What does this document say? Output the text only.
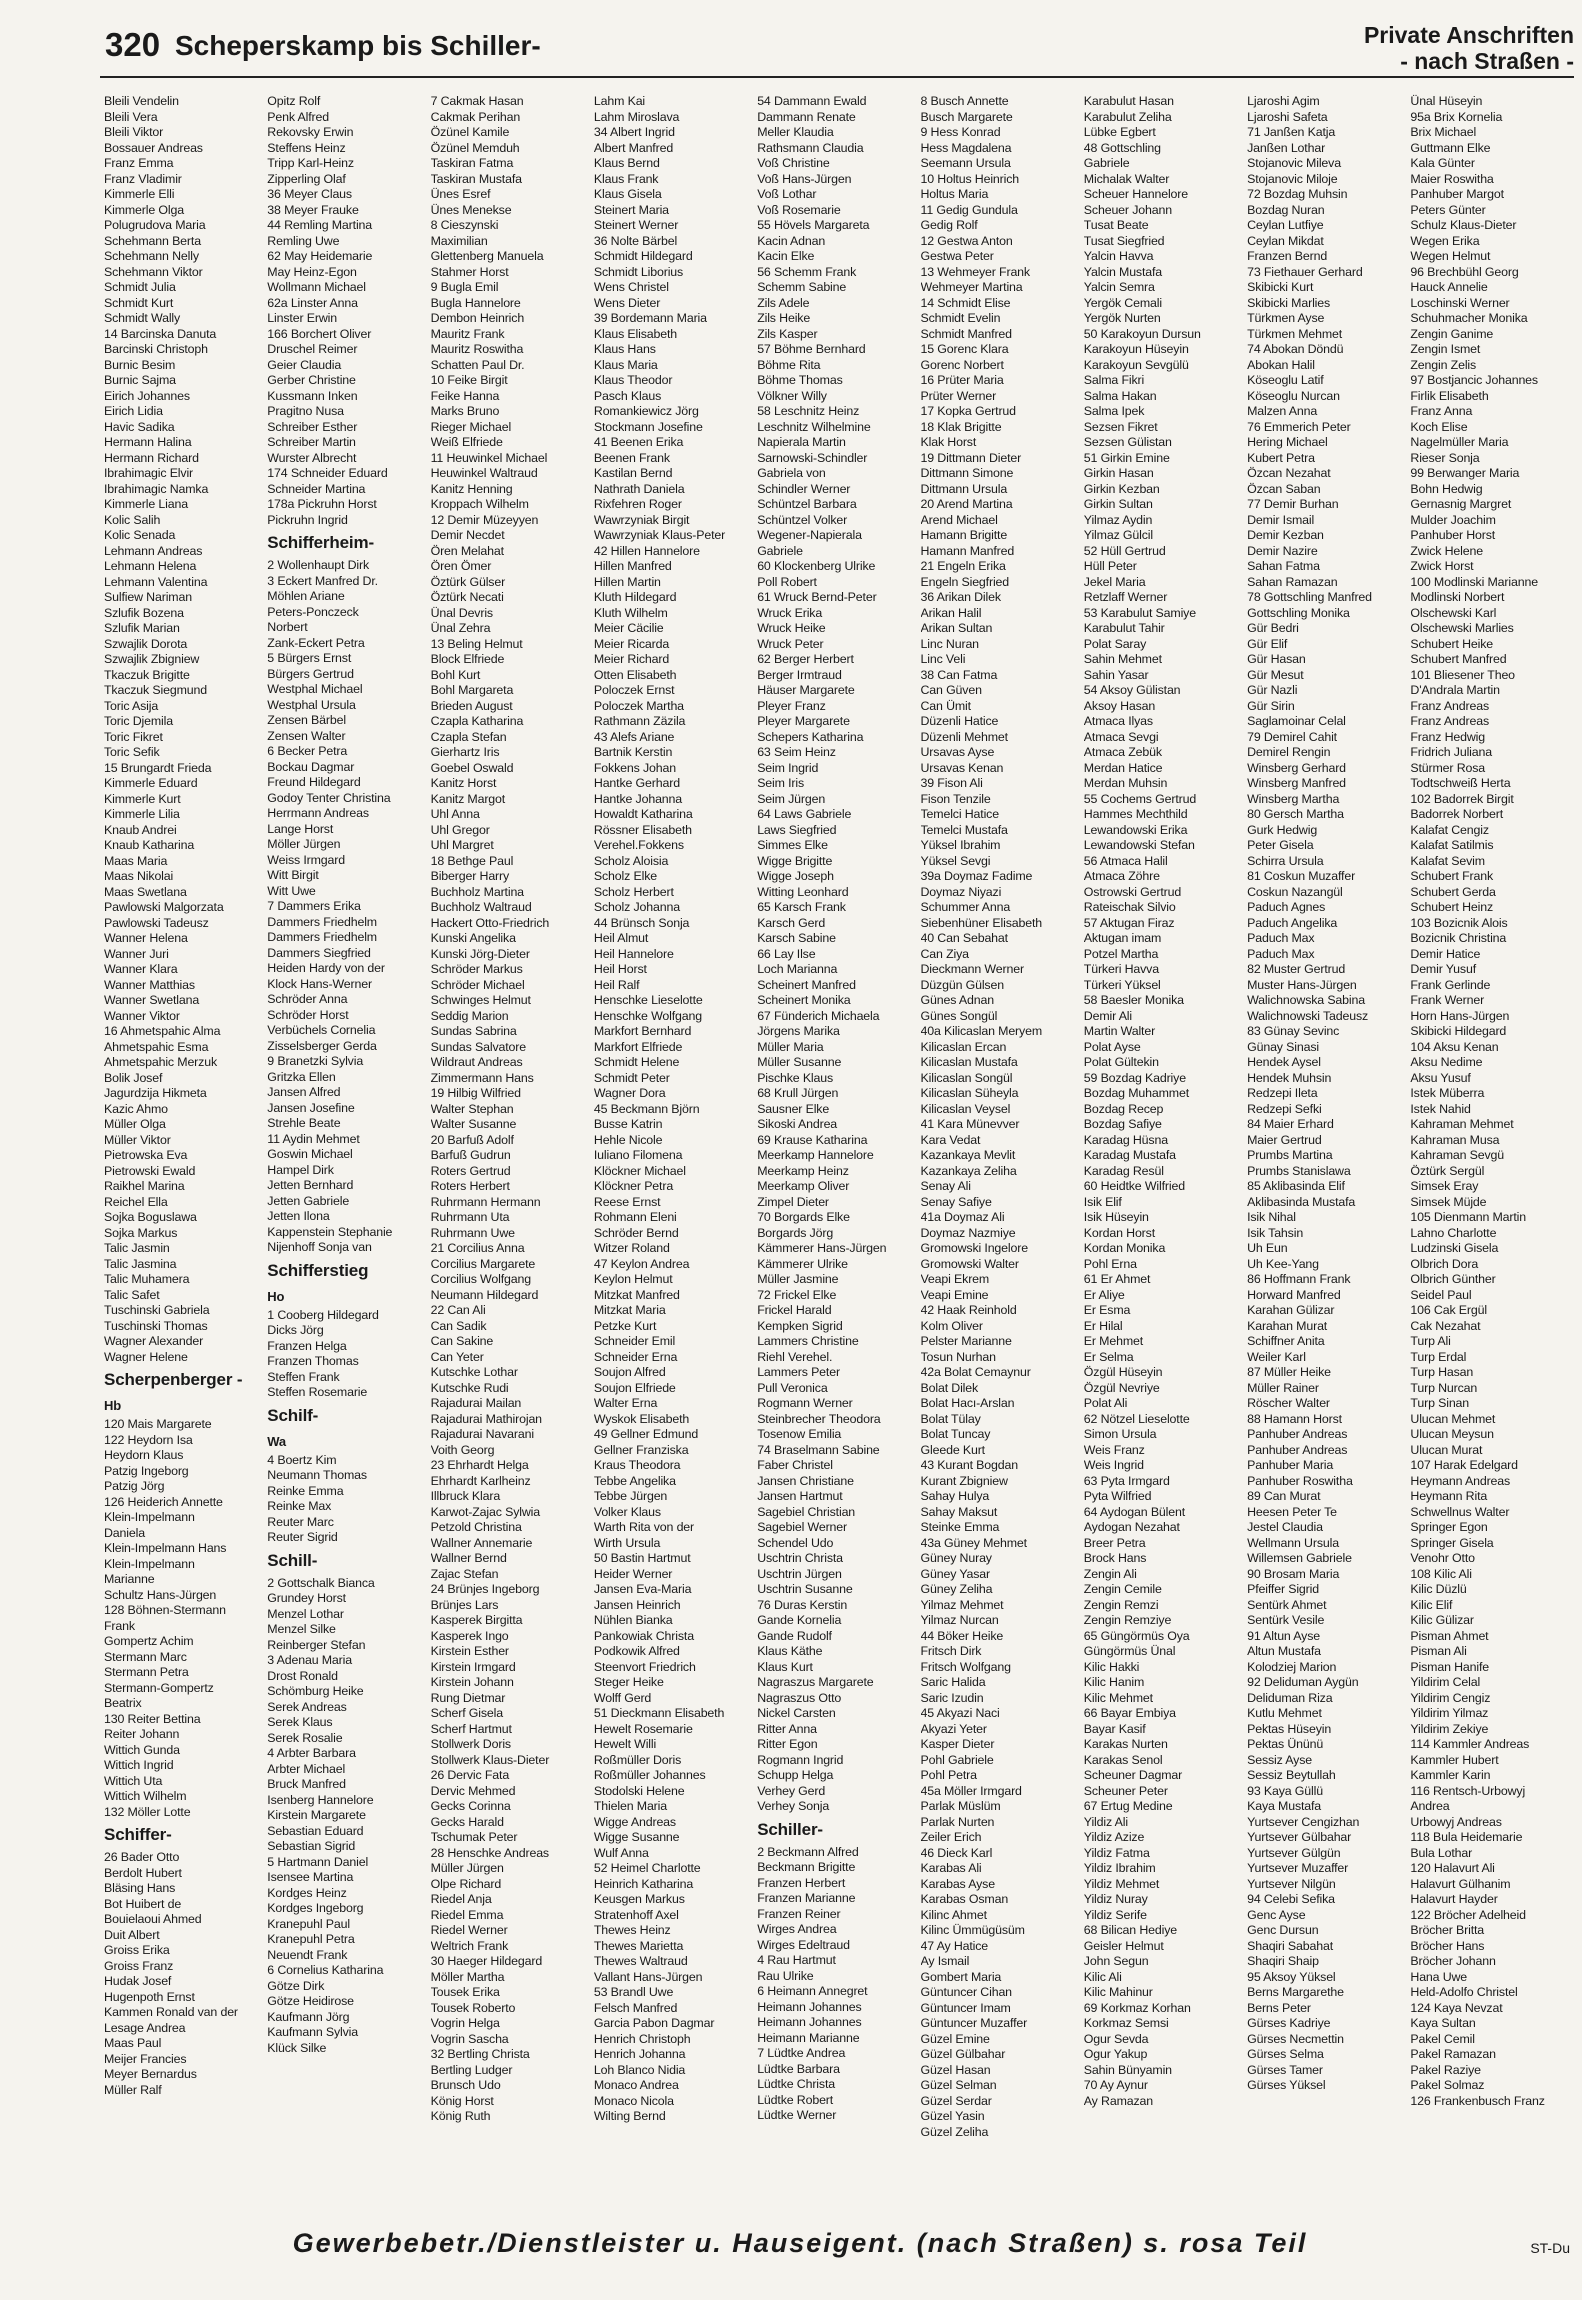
320 Scheperskamp bis Schiller-	Private Anschriften
- nach Straßen -
Bleili Vendelin
Bleili Vera
Bleili Viktor
Bossauer Andreas
Franz Emma
Franz Vladimir
Kimmerle Elli
Kimmerle Olga
Polugrudova Maria
Schehmann Berta
Schehmann Nelly
Schehmann Viktor
Schmidt Julia
Schmidt Kurt
Schmidt Wally
14 Barcinska Danuta
Barcinski Christoph
Burnic Besim
Burnic Sajma
Eirich Johannes
Eirich Lidia
Havic Sadika
Hermann Halina
Hermann Richard
Ibrahimagic Elvir
Ibrahimagic Namka
Kimmerle Liana
Kolic Salih
Kolic Senada
Lehmann Andreas
Lehmann Helena
Lehmann Valentina
Sulfiew Nariman
Szlufik Bozena
Szlufik Marian
Szwajlik Dorota
Szwajlik Zbigniew
Tkaczuk Brigitte
Tkaczuk Siegmund
Toric Asija
Toric Djemila
Toric Fikret
Toric Sefik
15 Brungardt Frieda
Kimmerle Eduard
Kimmerle Kurt
Kimmerle Lilia
Knaub Andrei
Knaub Katharina
Maas Maria
Maas Nikolai
Maas Swetlana
Pawlowski Malgorzata
Pawlowski Tadeusz
Wanner Helena
Wanner Juri
Wanner Klara
Wanner Matthias
Wanner Swetlana
Wanner Viktor
16 Ahmetspahic Alma
Ahmetspahic Esma
Ahmetspahic Merzuk
Bolik Josef
Jagurdzija Hikmeta
Kazic Ahmo
Müller Olga
Müller Viktor
Pietrowska Eva
Pietrowski Ewald
Raikhel Marina
Reichel Ella
Sojka Boguslawa
Sojka Markus
Talic Jasmin
Talic Jasmina
Talic Muhamera
Talic Safet
Tuschinski Gabriela
Tuschinski Thomas
Wagner Alexander
Wagner Helene
Scherpenberger -
Hb
120 Mais Margarete
122 Heydorn Isa
Heydorn Klaus
Patzig Ingeborg
Patzig Jörg
126 Heiderich Annette
Klein-Impelmann
Daniela
Klein-Impelmann Hans
Klein-Impelmann
Marianne
Schultz Hans-Jürgen
128 Böhnen-Stermann
Frank
Gompertz Achim
Stermann Marc
Stermann Petra
Stermann-Gompertz
Beatrix
130 Reiter Bettina
Reiter Johann
Wittich Gunda
Wittich Ingrid
Wittich Uta
Wittich Wilhelm
132 Möller Lotte
Schiffer-
26 Bader Otto
Berdolt Hubert
Bläsing Hans
Bot Huibert de
Bouielaoui Ahmed
Duit Albert
Groiss Erika
Groiss Franz
Hudak Josef
Hugenpoth Ernst
Kammen Ronald van der
Lesage Andrea
Maas Paul
Meijer Francies
Meyer Bernardus
Müller Ralf
Opitz Rolf
Penk Alfred
Rekovsky Erwin
Steffens Heinz
Tripp Karl-Heinz
Zipperling Olaf
36 Meyer Claus
38 Meyer Frauke
44 Remling Martina
Remling Uwe
62 May Heidemarie
May Heinz-Egon
Wollmann Michael
62a Linster Anna
Linster Erwin
166 Borchert Oliver
Druschel Reimer
Geier Claudia
Gerber Christine
Kussmann Inken
Pragitno Nusa
Schreiber Esther
Schreiber Martin
Wurster Albrecht
174 Schneider Eduard
Schneider Martina
178a Pickruhn Horst
Pickruhn Ingrid
Schifferheim-
2 Wollenhaupt Dirk
3 Eckert Manfred Dr.
Möhlen Ariane
Peters-Ponczeck
Norbert
Zank-Eckert Petra
5 Bürgers Ernst
Bürgers Gertrud
Westphal Michael
Westphal Ursula
Zensen Bärbel
Zensen Walter
6 Becker Petra
Bockau Dagmar
Freund Hildegard
Godoy Tenter Christina
Herrmann Andreas
Lange Horst
Möller Jürgen
Weiss Irmgard
Witt Birgit
Witt Uwe
7 Dammers Erika
Dammers Friedhelm
Dammers Friedhelm
Dammers Siegfried
Heiden Hardy von der
Klock Hans-Werner
Schröder Anna
Schröder Horst
Verbüchels Cornelia
Zisselsberger Gerda
9 Branetzki Sylvia
Gritzka Ellen
Jansen Alfred
Jansen Josefine
Strehle Beate
11 Aydin Mehmet
Goswin Michael
Hampel Dirk
Jetten Bernhard
Jetten Gabriele
Jetten Ilona
Kappenstein Stephanie
Nijenhoff Sonja van
Schifferstieg
Ho
1 Cooberg Hildegard
Dicks Jörg
Franzen Helga
Franzen Thomas
Steffen Frank
Steffen Rosemarie
Schilf-
Wa
4 Boertz Kim
Neumann Thomas
Reinke Emma
Reinke Max
Reuter Marc
Reuter Sigrid
Schill-
2 Gottschalk Bianca
Grundey Horst
Menzel Lothar
Menzel Silke
Reinberger Stefan
3 Adenau Maria
Drost Ronald
Schömburg Heike
Serek Andreas
Serek Klaus
Serek Rosalie
4 Arbter Barbara
Arbter Michael
Bruck Manfred
Isenberg Hannelore
Kirstein Margarete
Sebastian Eduard
Sebastian Sigrid
5 Hartmann Daniel
Isensee Martina
Kordges Heinz
Kordges Ingeborg
Kranepuhl Paul
Kranepuhl Petra
Neuendt Frank
6 Cornelius Katharina
Götze Dirk
Götze Heidirose
Kaufmann Jörg
Kaufmann Sylvia
Klück Silke
7 Cakmak Hasan
Cakmak Perihan
Özünel Kamile
Özünel Memduh
Taskiran Fatma
Taskiran Mustafa
Ünes Esref
Ünes Menekse
8 Cieszynski
Maximilian
Glettenberg Manuela
Stahmer Horst
9 Bugla Emil
Bugla Hannelore
Dembon Heinrich
Mauritz Frank
Mauritz Roswitha
Schatten Paul Dr.
10 Feike Birgit
Feike Hanna
Marks Bruno
Rieger Michael
Weiß Elfriede
11 Heuwinkel Michael
Heuwinkel Waltraud
Kanitz Henning
Kroppach Wilhelm
12 Demir Müzeyyen
Demir Necdet
Ören Melahat
Ören Ömer
Öztürk Gülser
Öztürk Necati
Ünal Devris
Ünal Zehra
13 Beling Helmut
Block Elfriede
Bohl Kurt
Bohl Margareta
Brieden August
Czapla Katharina
Czapla Stefan
Gierhartz Iris
Goebel Oswald
Kanitz Horst
Kanitz Margot
Uhl Anna
Uhl Gregor
Uhl Margret
18 Bethge Paul
Biberger Harry
Buchholz Martina
Buchholz Waltraud
Hackert Otto-Friedrich
Kunski Angelika
Kunski Jörg-Dieter
Schröder Markus
Schröder Michael
Schwinges Helmut
Seddig Marion
Sundas Sabrina
Sundas Salvatore
Wildraut Andreas
Zimmermann Hans
19 Hilbig Wilfried
Walter Stephan
Walter Susanne
20 Barfuß Adolf
Barfuß Gudrun
Roters Gertrud
Roters Herbert
Ruhrmann Hermann
Ruhrmann Uta
Ruhrmann Uwe
21 Corcilius Anna
Corcilius Margarete
Corcilius Wolfgang
Neumann Hildegard
22 Can Ali
Can Sadik
Can Sakine
Can Yeter
Kutschke Lothar
Kutschke Rudi
Rajadurai Mailan
Rajadurai Mathirojan
Rajadurai Navarani
Voith Georg
23 Ehrhardt Helga
Ehrhardt Karlheinz
Illbruck Klara
Karwot-Zajac Sylwia
Petzold Christina
Wallner Annemarie
Wallner Bernd
Zajac Stefan
24 Brünjes Ingeborg
Brünjes Lars
Kasperek Birgitta
Kasperek Ingo
Kirstein Esther
Kirstein Irmgard
Kirstein Johann
Rung Dietmar
Scherf Gisela
Scherf Hartmut
Stollwerk Doris
Stollwerk Klaus-Dieter
26 Dervic Fata
Dervic Mehmed
Gecks Corinna
Gecks Harald
Tschumak Peter
28 Henschke Andreas
Müller Jürgen
Olpe Richard
Riedel Anja
Riedel Emma
Riedel Werner
Weltrich Frank
30 Haeger Hildegard
Möller Martha
Tousek Erika
Tousek Roberto
Vogrin Helga
Vogrin Sascha
32 Bertling Christa
Bertling Ludger
Brunsch Udo
König Horst
König Ruth
Lahm Kai
Lahm Miroslava
34 Albert Ingrid
Albert Manfred
Klaus Bernd
Klaus Frank
Klaus Gisela
Steinert Maria
Steinert Werner
36 Nolte Bärbel
Schmidt Hildegard
Schmidt Liborius
Wens Christel
Wens Dieter
39 Bordemann Maria
Klaus Elisabeth
Klaus Hans
Klaus Maria
Klaus Theodor
Pasch Klaus
Romankiewicz Jörg
Stockmann Josefine
41 Beenen Erika
Beenen Frank
Kastilan Bernd
Nathrath Daniela
Rixfehren Roger
Wawrzyniak Birgit
Wawrzyniak Klaus-Peter
42 Hillen Hannelore
Hillen Manfred
Hillen Martin
Kluth Hildegard
Kluth Wilhelm
Meier Cäcilie
Meier Ricarda
Meier Richard
Otten Elisabeth
Poloczek Ernst
Poloczek Martha
Rathmann Zäzila
43 Alefs Ariane
Bartnik Kerstin
Fokkens Johan
Hantke Gerhard
Hantke Johanna
Howaldt Katharina
Rössner Elisabeth
Verehel.Fokkens
Scholz Aloisia
Scholz Elke
Scholz Herbert
Scholz Johanna
44 Brünsch Sonja
Heil Almut
Heil Hannelore
Heil Horst
Heil Ralf
Henschke Lieselotte
Henschke Wolfgang
Markfort Bernhard
Markfort Elfriede
Schmidt Helene
Schmidt Peter
Wagner Dora
45 Beckmann Björn
Busse Katrin
Hehle Nicole
Iuliano Filomena
Klöckner Michael
Klöckner Petra
Reese Ernst
Rohmann Eleni
Schröder Bernd
Witzer Roland
47 Keylon Andrea
Keylon Helmut
Mitzkat Manfred
Mitzkat Maria
Petzke Kurt
Schneider Emil
Schneider Erna
Soujon Alfred
Soujon Elfriede
Walter Erna
Wyskok Elisabeth
49 Gellner Edmund
Gellner Franziska
Kraus Theodora
Tebbe Angelika
Tebbe Jürgen
Volker Klaus
Warth Rita von der
Wirth Ursula
50 Bastin Hartmut
Heider Werner
Jansen Eva-Maria
Jansen Heinrich
Nühlen Bianka
Pankowiak Christa
Podkowik Alfred
Steenvort Friedrich
Steger Heike
Wolff Gerd
51 Dieckmann Elisabeth
Hewelt Rosemarie
Hewelt Willi
Roßmüller Doris
Roßmüller Johannes
Stodolski Helene
Thielen Maria
Wigge Andreas
Wigge Susanne
Wulf Anna
52 Heimel Charlotte
Heinrich Katharina
Keusgen Markus
Stratenhoff Axel
Thewes Heinz
Thewes Marietta
Thewes Waltraud
Vallant Hans-Jürgen
53 Brandl Uwe
Felsch Manfred
Garcia Pabon Dagmar
Henrich Christoph
Henrich Johanna
Loh Blanco Nidia
Monaco Andrea
Monaco Nicola
Wilting Bernd
54 Dammann Ewald
Dammann Renate
Meller Klaudia
Rathsmann Claudia
Voß Christine
Voß Hans-Jürgen
Voß Lothar
Voß Rosemarie
55 Hövels Margareta
Kacin Adnan
Kacin Elke
56 Schemm Frank
Schemm Sabine
Zils Adele
Zils Heike
Zils Kasper
57 Böhme Bernhard
Böhme Rita
Böhme Thomas
Völkner Willy
58 Leschnitz Heinz
Leschnitz Wilhelmine
Napierala Martin
Sarnowski-Schindler
Gabriela von
Schindler Werner
Schüntzel Barbara
Schüntzel Volker
Wegener-Napierala
Gabriele
60 Klockenberg Ulrike
Poll Robert
61 Wruck Bernd-Peter
Wruck Erika
Wruck Heike
Wruck Peter
62 Berger Herbert
Berger Irmtraud
Häuser Margarete
Pleyer Franz
Pleyer Margarete
Schepers Katharina
63 Seim Heinz
Seim Ingrid
Seim Iris
Seim Jürgen
64 Laws Gabriele
Laws Siegfried
Simmes Elke
Wigge Brigitte
Wigge Joseph
Witting Leonhard
65 Karsch Frank
Karsch Gerd
Karsch Sabine
66 Lay Ilse
Loch Marianna
Scheinert Manfred
Scheinert Monika
67 Fünderich Michaela
Jörgens Marika
Müller Maria
Müller Susanne
Pischke Klaus
68 Krull Jürgen
Sausner Elke
Sikoski Andrea
69 Krause Katharina
Meerkamp Hannelore
Meerkamp Heinz
Meerkamp Oliver
Zimpel Dieter
70 Borgards Elke
Borgards Jörg
Kämmerer Hans-Jürgen
Kämmerer Ulrike
Müller Jasmine
72 Frickel Elke
Frickel Harald
Kempken Sigrid
Lammers Christine
Riehl Verehel.
Lammers Peter
Pull Veronica
Rogmann Werner
Steinbrecher Theodora
Tosenow Emilia
74 Braselmann Sabine
Faber Christel
Jansen Christiane
Jansen Hartmut
Sagebiel Christian
Sagebiel Werner
Schendel Udo
Uschtrin Christa
Uschtrin Jürgen
Uschtrin Susanne
76 Duras Kerstin
Gande Kornelia
Gande Rudolf
Klaus Käthe
Klaus Kurt
Nagraszus Margarete
Nagraszus Otto
Nickel Carsten
Ritter Anna
Ritter Egon
Rogmann Ingrid
Schupp Helga
Verhey Gerd
Verhey Sonja
Schiller-
2 Beckmann Alfred
Beckmann Brigitte
Franzen Herbert
Franzen Marianne
Franzen Reiner
Wirges Andrea
Wirges Edeltraud
4 Rau Hartmut
Rau Ulrike
6 Heimann Annegret
Heimann Johannes
Heimann Johannes
Heimann Marianne
7 Lüdtke Andrea
Lüdtke Barbara
Lüdtke Christa
Lüdtke Robert
Lüdtke Werner
8 Busch Annette
Busch Margarete
9 Hess Konrad
Hess Magdalena
Seemann Ursula
10 Holtus Heinrich
Holtus Maria
11 Gedig Gundula
Gedig Rolf
12 Gestwa Anton
Gestwa Peter
13 Wehmeyer Frank
Wehmeyer Martina
14 Schmidt Elise
Schmidt Evelin
Schmidt Manfred
15 Gorenc Klara
Gorenc Norbert
16 Prüter Maria
Prüter Werner
17 Kopka Gertrud
18 Klak Brigitte
Klak Horst
19 Dittmann Dieter
Dittmann Simone
Dittmann Ursula
20 Arend Martina
Arend Michael
Hamann Brigitte
Hamann Manfred
21 Engeln Erika
Engeln Siegfried
36 Arikan Dilek
Arikan Halil
Arikan Sultan
Linc Nuran
Linc Veli
38 Can Fatma
Can Güven
Can Ümit
Düzenli Hatice
Düzenli Mehmet
Ursavas Ayse
Ursavas Kenan
39 Fison Ali
Fison Tenzile
Temelci Hatice
Temelci Mustafa
Yüksel Ibrahim
Yüksel Sevgi
39a Doymaz Fadime
Doymaz Niyazi
Schummer Anna
Siebenhüner Elisabeth
40 Can Sebahat
Can Ziya
Dieckmann Werner
Düzgün Gülsen
Günes Adnan
Günes Songül
40a Kilicaslan Meryem
Kilicaslan Ercan
Kilicaslan Mustafa
Kilicaslan Songül
Kilicaslan Süheyla
Kilicaslan Veysel
41 Kara Münevver
Kara Vedat
Kazankaya Mevlit
Kazankaya Zeliha
Senay Ali
Senay Safiye
41a Doymaz Ali
Doymaz Nazmiye
Gromowski Ingelore
Gromowski Walter
Veapi Ekrem
Veapi Emine
42 Haak Reinhold
Kolm Oliver
Pelster Marianne
Tosun Nurhan
42a Bolat Cemaynur
Bolat Dilek
Bolat Hacı-Arslan
Bolat Tülay
Bolat Tuncay
Gleede Kurt
43 Kurant Bogdan
Kurant Zbigniew
Sahay Hulya
Sahay Maksut
Steinke Emma
43a Güney Mehmet
Güney Nuray
Güney Yasar
Güney Zeliha
Yilmaz Mehmet
Yilmaz Nurcan
44 Böker Heike
Fritsch Dirk
Fritsch Wolfgang
Saric Halida
Saric Izudin
45 Akyazi Naci
Akyazi Yeter
Kasper Dieter
Pohl Gabriele
Pohl Petra
45a Möller Irmgard
Parlak Müslüm
Parlak Nurten
Zeiler Erich
46 Dieck Karl
Karabas Ali
Karabas Ayse
Karabas Osman
Kilinc Ahmet
Kilinc Ümmügüsüm
47 Ay Hatice
Ay Ismail
Gombert Maria
Güntuncer Cihan
Güntuncer Imam
Güntuncer Muzaffer
Güzel Emine
Güzel Gülbahar
Güzel Hasan
Güzel Selman
Güzel Serdar
Güzel Yasin
Güzel Zeliha
Karabulut Hasan
Karabulut Zeliha
Lübke Egbert
48 Gottschling
Gabriele
Michalak Walter
Scheuer Hannelore
Scheuer Johann
Tusat Beate
Tusat Siegfried
Yalcin Havva
Yalcin Mustafa
Yalcin Semra
Yergök Cemali
Yergök Nurten
50 Karakoyun Dursun
Karakoyun Hüseyin
Karakoyun Sevgülü
Salma Fikri
Salma Hakan
Salma Ipek
Sezsen Fikret
Sezsen Gülistan
51 Girkin Emine
Girkin Hasan
Girkin Kezban
Girkin Sultan
Yilmaz Aydin
Yilmaz Gülcil
52 Hüll Gertrud
Hüll Peter
Jekel Maria
Retzlaff Werner
53 Karabulut Samiye
Karabulut Tahir
Polat Saray
Sahin Mehmet
Sahin Yasar
54 Aksoy Gülistan
Aksoy Hasan
Atmaca Ilyas
Atmaca Sevgi
Atmaca Zebük
Merdan Hatice
Merdan Muhsin
55 Cochems Gertrud
Hammes Mechthild
Lewandowski Erika
Lewandowski Stefan
56 Atmaca Halil
Atmaca Zöhre
Ostrowski Gertrud
Rateischak Silvio
57 Aktugan Firaz
Aktugan imam
Potzel Martha
Türkeri Havva
Türkeri Yüksel
58 Baesler Monika
Demir Ali
Martin Walter
Polat Ayse
Polat Gültekin
59 Bozdag Kadriye
Bozdag Muhammet
Bozdag Recep
Bozdag Safiye
Karadag Hüsna
Karadag Mustafa
Karadag Resül
60 Heidtke Wilfried
Isik Elif
Isik Hüseyin
Kordan Horst
Kordan Monika
Pohl Erna
61 Er Ahmet
Er Aliye
Er Esma
Er Hilal
Er Mehmet
Er Selma
Özgül Hüseyin
Özgül Nevriye
Polat Ali
62 Nötzel Lieselotte
Simon Ursula
Weis Franz
Weis Ingrid
63 Pyta Irmgard
Pyta Wilfried
64 Aydogan Bülent
Aydogan Nezahat
Breer Petra
Brock Hans
Zengin Ali
Zengin Cemile
Zengin Remzi
Zengin Remziye
65 Güngörmüs Oya
Güngörmüs Ünal
Kilic Hakki
Kilic Hanim
Kilic Mehmet
66 Bayar Embiya
Bayar Kasif
Karakas Nurten
Karakas Senol
Scheuner Dagmar
Scheuner Peter
67 Ertug Medine
Yildiz Ali
Yildiz Azize
Yildiz Fatma
Yildiz Ibrahim
Yildiz Mehmet
Yildiz Nuray
Yildiz Serife
68 Bilican Hediye
Geisler Helmut
John Segun
Kilic Ali
Kilic Mahinur
69 Korkmaz Korhan
Korkmaz Semsi
Ogur Sevda
Ogur Yakup
Sahin Bünyamin
70 Ay Aynur
Ay Ramazan
Ljaroshi Agim
Ljaroshi Safeta
71 Janßen Katja
Janßen Lothar
Stojanovic Mileva
Stojanovic Miloje
72 Bozdag Muhsin
Bozdag Nuran
Ceylan Lutfiye
Ceylan Mikdat
Franzen Bernd
73 Fiethauer Gerhard
Skibicki Kurt
Skibicki Marlies
Türkmen Ayse
Türkmen Mehmet
74 Abokan Döndü
Abokan Halil
Köseoglu Latif
Köseoglu Nurcan
Malzen Anna
76 Emmerich Peter
Hering Michael
Kubert Petra
Özcan Nezahat
Özcan Saban
77 Demir Burhan
Demir Ismail
Demir Kezban
Demir Nazire
Sahan Fatma
Sahan Ramazan
78 Gottschling Manfred
Gottschling Monika
Gür Bedri
Gür Elif
Gür Hasan
Gür Mesut
Gür Nazli
Gür Sirin
Saglamoinar Celal
79 Demirel Cahit
Demirel Rengin
Winsberg Gerhard
Winsberg Manfred
Winsberg Martha
80 Gersch Martha
Gurk Hedwig
Peter Gisela
Schirra Ursula
81 Coskun Muzaffer
Coskun Nazangül
Paduch Agnes
Paduch Angelika
Paduch Max
Paduch Max
82 Muster Gertrud
Muster Hans-Jürgen
Walichnowska Sabina
Walichnowski Tadeusz
83 Günay Sevinc
Günay Sinasi
Hendek Aysel
Hendek Muhsin
Redzepi Ileta
Redzepi Sefki
84 Maier Erhard
Maier Gertrud
Prumbs Martina
Prumbs Stanislawa
85 Aklibasinda Elif
Aklibasinda Mustafa
Isik Nihal
Isik Tahsin
Uh Eun
Uh Kee-Yang
86 Hoffmann Frank
Horward Manfred
Karahan Gülizar
Karahan Murat
Schiffner Anita
Weiler Karl
87 Müller Heike
Müller Rainer
Röscher Walter
88 Hamann Horst
Panhuber Andreas
Panhuber Andreas
Panhuber Maria
Panhuber Roswitha
89 Can Murat
Heesen Peter Te
Jestel Claudia
Wellmann Ursula
Willemsen Gabriele
90 Brosam Maria
Pfeiffer Sigrid
Sentürk Ahmet
Sentürk Vesile
91 Altun Ayse
Altun Mustafa
Kolodziej Marion
92 Deliduman Aygün
Deliduman Riza
Kutlu Mehmet
Pektas Hüseyin
Pektas Ününü
Sessiz Ayse
Sessiz Beytullah
93 Kaya Güllü
Kaya Mustafa
Yurtsever Cengizhan
Yurtsever Gülbahar
Yurtsever Gülgün
Yurtsever Muzaffer
Yurtsever Nilgün
94 Celebi Sefika
Genc Ayse
Genc Dursun
Shaqiri Sabahat
Shaqiri Shaip
95 Aksoy Yüksel
Berns Margarethe
Berns Peter
Gürses Kadriye
Gürses Necmettin
Gürses Selma
Gürses Tamer
Gürses Yüksel
Ünal Hüseyin
95a Brix Kornelia
Brix Michael
Guttmann Elke
Kala Günter
Maier Roswitha
Panhuber Margot
Peters Günter
Schulz Klaus-Dieter
Wegen Erika
Wegen Helmut
96 Brechbühl Georg
Hauck Annelie
Loschinski Werner
Schuhmacher Monika
Zengin Ganime
Zengin Ismet
Zengin Zelis
97 Bostjancic Johannes
Firlik Elisabeth
Franz Anna
Koch Elise
Nagelmüller Maria
Rieser Sonja
99 Berwanger Maria
Bohn Hedwig
Gernasnig Margret
Mulder Joachim
Panhuber Horst
Zwick Helene
Zwick Horst
100 Modlinski Marianne
Modlinski Norbert
Olschewski Karl
Olschewski Marlies
Schubert Heike
Schubert Manfred
101 Bliesener Theo
D'Andrala Martin
Franz Andreas
Franz Andreas
Franz Hedwig
Fridrich Juliana
Stürmer Rosa
Todtschweiß Herta
102 Badorrek Birgit
Badorrek Norbert
Kalafat Cengiz
Kalafat Satilmis
Kalafat Sevim
Schubert Frank
Schubert Gerda
Schubert Heinz
103 Bozicnik Alois
Bozicnik Christina
Demir Hatice
Demir Yusuf
Frank Gerlinde
Frank Werner
Horn Hans-Jürgen
Skibicki Hildegard
104 Aksu Kenan
Aksu Nedime
Aksu Yusuf
Istek Müberra
Istek Nahid
Kahraman Mehmet
Kahraman Musa
Kahraman Sevgü
Öztürk Sergül
Simsek Eray
Simsek Müjde
105 Dienmann Martin
Lahno Charlotte
Ludzinski Gisela
Olbrich Dora
Olbrich Günther
Seidel Paul
106 Cak Ergül
Cak Nezahat
Turp Ali
Turp Erdal
Turp Hasan
Turp Nurcan
Turp Sinan
Ulucan Mehmet
Ulucan Meysun
Ulucan Murat
107 Harak Edelgard
Heymann Andreas
Heymann Rita
Schwellnus Walter
Springer Egon
Springer Gisela
Venohr Otto
108 Kilic Ali
Kilic Düzlü
Kilic Elif
Kilic Gülizar
Pisman Ahmet
Pisman Ali
Pisman Hanife
Yildirim Celal
Yildirim Cengiz
Yildirim Yilmaz
Yildirim Zekiye
114 Kammler Andreas
Kammler Hubert
Kammler Karin
116 Rentsch-Urbowyj
Andrea
Urbowyj Andreas
118 Bula Heidemarie
Bula Lothar
120 Halavurt Ali
Halavurt Gülhanim
Halavurt Hayder
122 Bröcher Adelheid
Bröcher Britta
Bröcher Hans
Bröcher Johann
Hana Uwe
Held-Adolfo Christel
124 Kaya Nevzat
Kaya Sultan
Pakel Cemil
Pakel Ramazan
Pakel Raziye
Pakel Solmaz
126 Frankenbusch Franz
Gewerbebetr./Dienstleister u. Hauseigent. (nach Straßen) s. rosa Teil	ST-Du
